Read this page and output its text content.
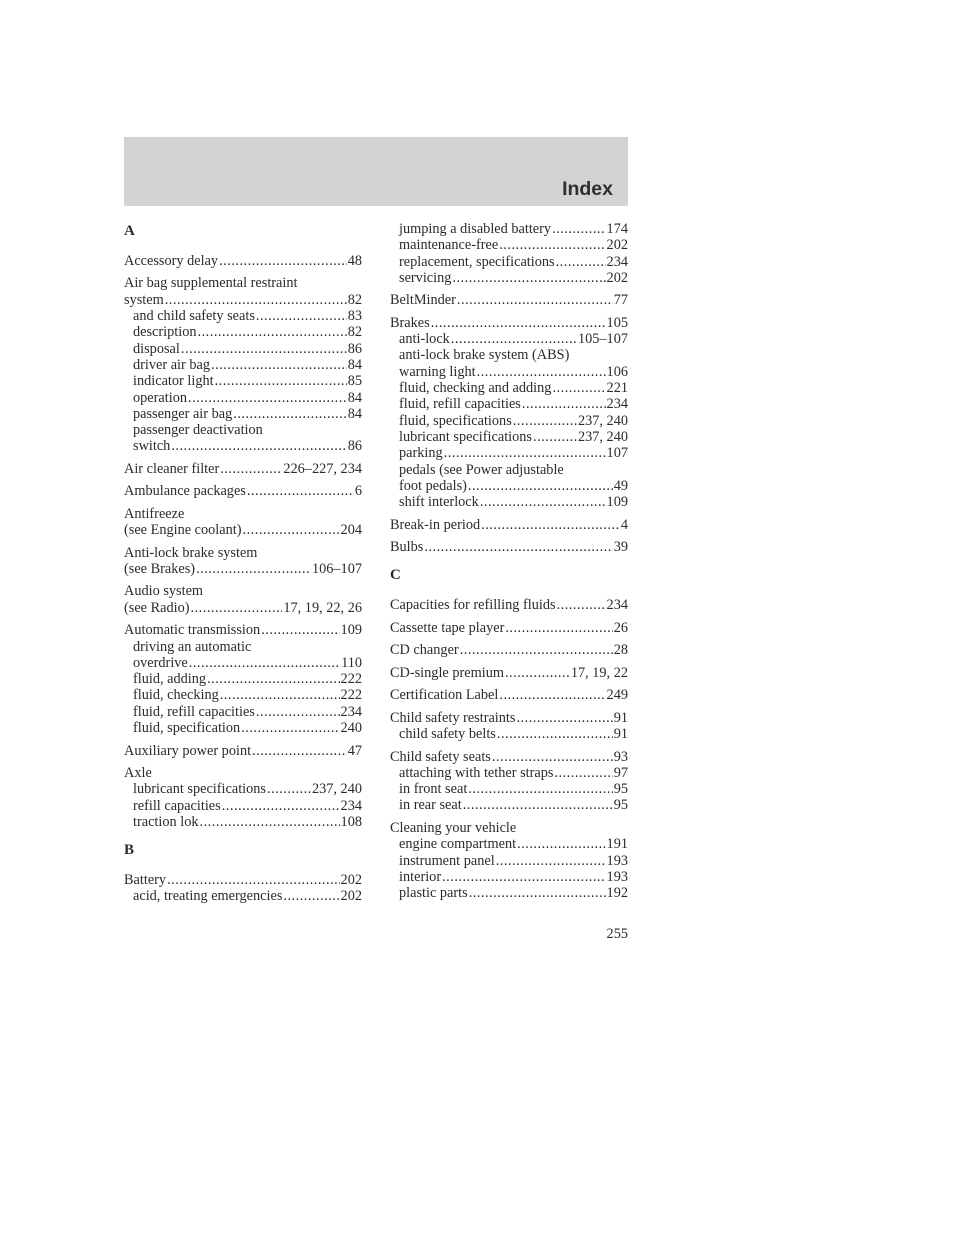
Index
A
Accessory delay .....	48
Air bag supplemental restraint
system .....	82
and child safety seats .....	83
description .....	82
disposal .....	86
driver air bag .....	84
indicator light .....	85
operation .....	84
passenger air bag .....	84
passenger deactivation
switch .....	86
Air cleaner filter .....	226–227, 234
Ambulance packages .....	6
Antifreeze
(see Engine coolant) .....	204
Anti-lock brake system
(see Brakes) .....	106–107
Audio system
(see Radio) .....	17, 19, 22, 26
Automatic transmission .....	109
driving an automatic
overdrive .....	110
fluid, adding .....	222
fluid, checking .....	222
fluid, refill capacities .....	234
fluid, specification .....	240
Auxiliary power point .....	47
Axle
lubricant specifications .....	237, 240
refill capacities .....	234
traction lok .....	108
B
Battery .....	202
acid, treating emergencies .....	202
jumping a disabled battery .....	174
maintenance-free .....	202
replacement, specifications .....	234
servicing .....	202
BeltMinder .....	77
Brakes .....	105
anti-lock .....	105–107
anti-lock brake system (ABS)
warning light .....	106
fluid, checking and adding .....	221
fluid, refill capacities .....	234
fluid, specifications .....	237, 240
lubricant specifications .....	237, 240
parking .....	107
pedals (see Power adjustable
foot pedals) .....	49
shift interlock .....	109
Break-in period .....	4
Bulbs .....	39
C
Capacities for refilling fluids .....	234
Cassette tape player .....	26
CD changer .....	28
CD-single premium .....	17, 19, 22
Certification Label .....	249
Child safety restraints .....	91
child safety belts .....	91
Child safety seats .....	93
attaching with tether straps .....	97
in front seat .....	95
in rear seat .....	95
Cleaning your vehicle
engine compartment .....	191
instrument panel .....	193
interior .....	193
plastic parts .....	192
255
